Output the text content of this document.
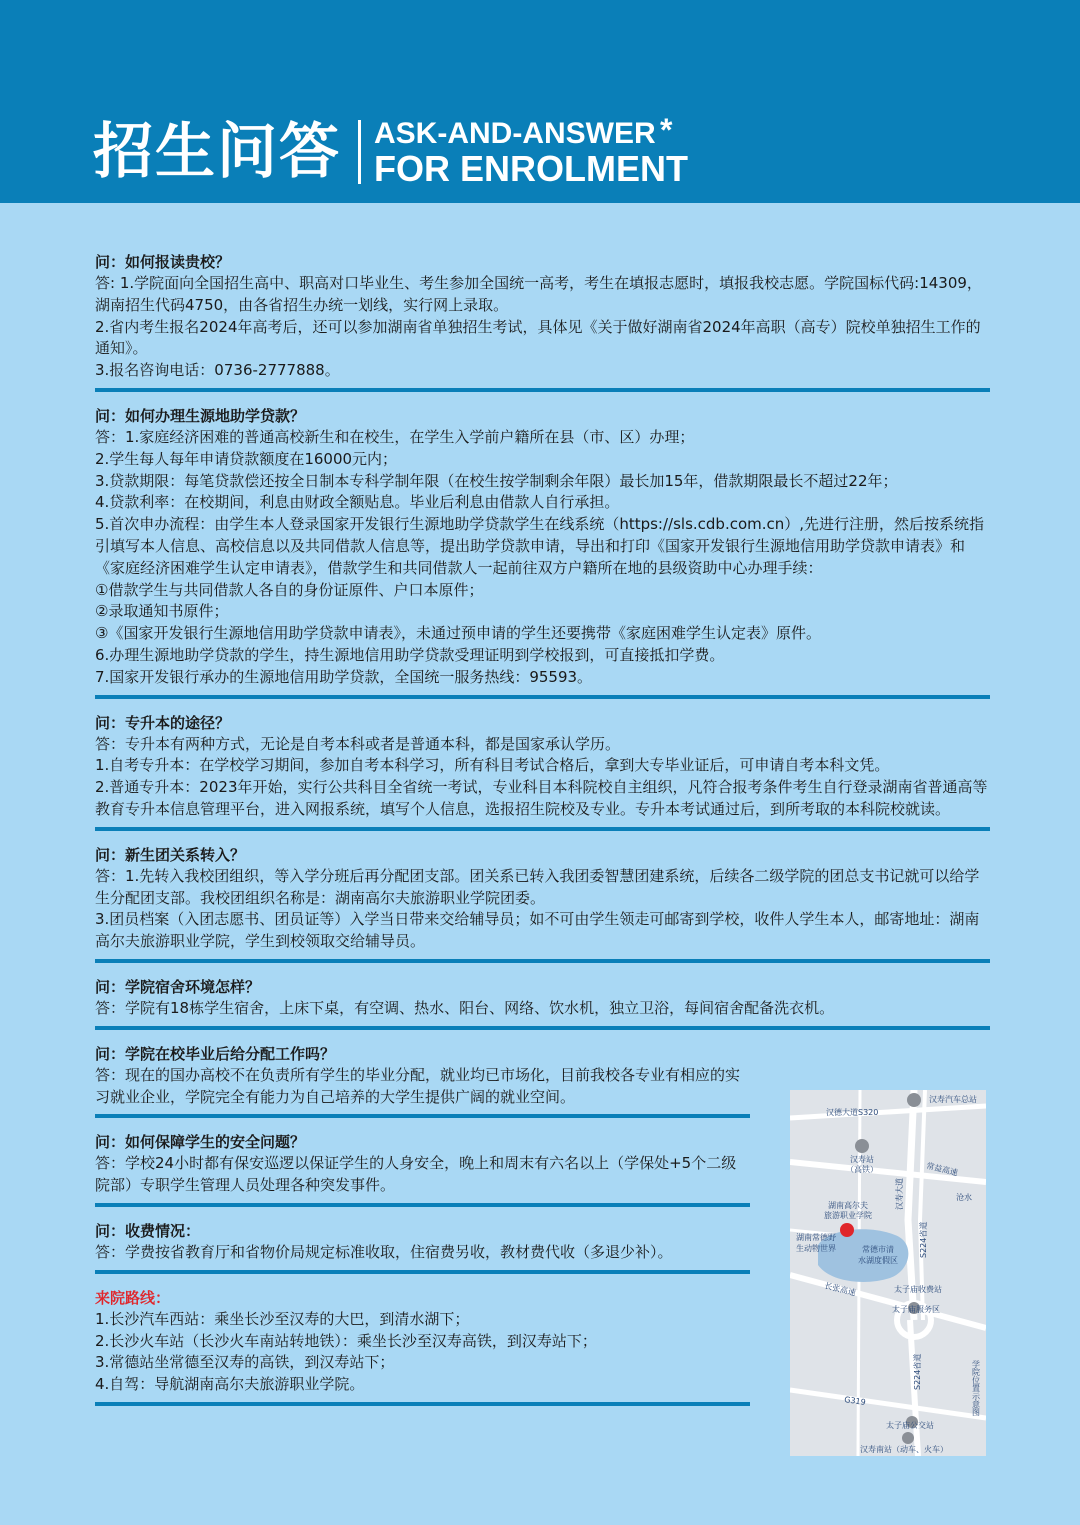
招生问答 ASK-AND-ANSWER
FOR ENROLMENT
*
问：如何报读贵校？
答: 1.学院面向全国招生高中、职高对口毕业生、考生参加全国统一高考，考生在填报志愿时，填报我校志愿。学院国标代码:14309，湖南招生代码4750，由各省招生办统一划线，实行网上录取。
2.省内考生报名2024年高考后，还可以参加湖南省单独招生考试，具体见《关于做好湖南省2024年高职（高专）院校单独招生工作的通知》。
3.报名咨询电话：0736-2777888。
问：如何办理生源地助学贷款？
答：1.家庭经济困难的普通高校新生和在校生，在学生入学前户籍所在县（市、区）办理；
2.学生每人每年申请贷款额度在16000元内；
3.贷款期限：每笔贷款偿还按全日制本专科学制年限（在校生按学制剩余年限）最长加15年，借款期限最长不超过22年；
4.贷款利率：在校期间，利息由财政全额贴息。毕业后利息由借款人自行承担。
5.首次申办流程：由学生本人登录国家开发银行生源地助学贷款学生在线系统（https://sls.cdb.com.cn）,先进行注册，然后按系统指引填写本人信息、高校信息以及共同借款人信息等，提出助学贷款申请，导出和打印《国家开发银行生源地信用助学贷款申请表》和《家庭经济困难学生认定申请表》，借款学生和共同借款人一起前往双方户籍所在地的县级资助中心办理手续：
①借款学生与共同借款人各自的身份证原件、户口本原件；
②录取通知书原件；
③《国家开发银行生源地信用助学贷款申请表》，未通过预申请的学生还要携带《家庭困难学生认定表》原件。
6.办理生源地助学贷款的学生，持生源地信用助学贷款受理证明到学校报到，可直接抵扣学费。
7.国家开发银行承办的生源地信用助学贷款，全国统一服务热线：95593。
问：专升本的途径？
答：专升本有两种方式，无论是自考本科或者是普通本科，都是国家承认学历。
1.自考专升本：在学校学习期间，参加自考本科学习，所有科目考试合格后，拿到大专毕业证后，可申请自考本科文凭。
2.普通专升本：2023年开始，实行公共科目全省统一考试，专业科目本科院校自主组织，凡符合报考条件考生自行登录湖南省普通高等教育专升本信息管理平台，进入网报系统，填写个人信息，选报招生院校及专业。专升本考试通过后，到所考取的本科院校就读。
问：新生团关系转入？
答：1.先转入我校团组织，等入学分班后再分配团支部。团关系已转入我团委智慧团建系统，后续各二级学院的团总支书记就可以给学生分配团支部。我校团组织名称是：湖南高尔夫旅游职业学院团委。
3.团员档案（入团志愿书、团员证等）入学当日带来交给辅导员；如不可由学生领走可邮寄到学校，收件人学生本人，邮寄地址：湖南高尔夫旅游职业学院，学生到校领取交给辅导员。
问：学院宿舍环境怎样？
答：学院有18栋学生宿舍，上床下桌，有空调、热水、阳台、网络、饮水机，独立卫浴，每间宿舍配备洗衣机。
问：学院在校毕业后给分配工作吗？
答：现在的国办高校不在负责所有学生的毕业分配，就业均已市场化，目前我校各专业有相应的实习就业企业，学院完全有能力为自己培养的大学生提供广阔的就业空间。
问：如何保障学生的安全问题？
答：学校24小时都有保安巡逻以保证学生的人身安全，晚上和周末有六名以上（学保处+5个二级院部）专职学生管理人员处理各种突发事件。
问：收费情况：
答：学费按省教育厅和省物价局规定标准收取，住宿费另收，教材费代收（多退少补）。
来院路线：
1.长沙汽车西站：乘坐长沙至汉寿的大巴，到清水湖下；
2.长沙火车站（长沙火车南站转地铁）：乘坐长沙至汉寿高铁，到汉寿站下；
3.常德站坐常德至汉寿的高铁，到汉寿站下；
4.自驾：导航湖南高尔夫旅游职业学院。
汉寿汽车总站
汉德大道S320
汉寿站
（高铁）	常益高速
沧水
湖南高尔夫
旅游职业学院
湖南常德野
生动物世界	常德市清
水湖度假区
汉寿大道
S224省道
长张高速	太子庙收费站
太子庙服务区
S224省道
G319
太子庙公交站
汉寿南站（动车、火车）
学院位置示意图
